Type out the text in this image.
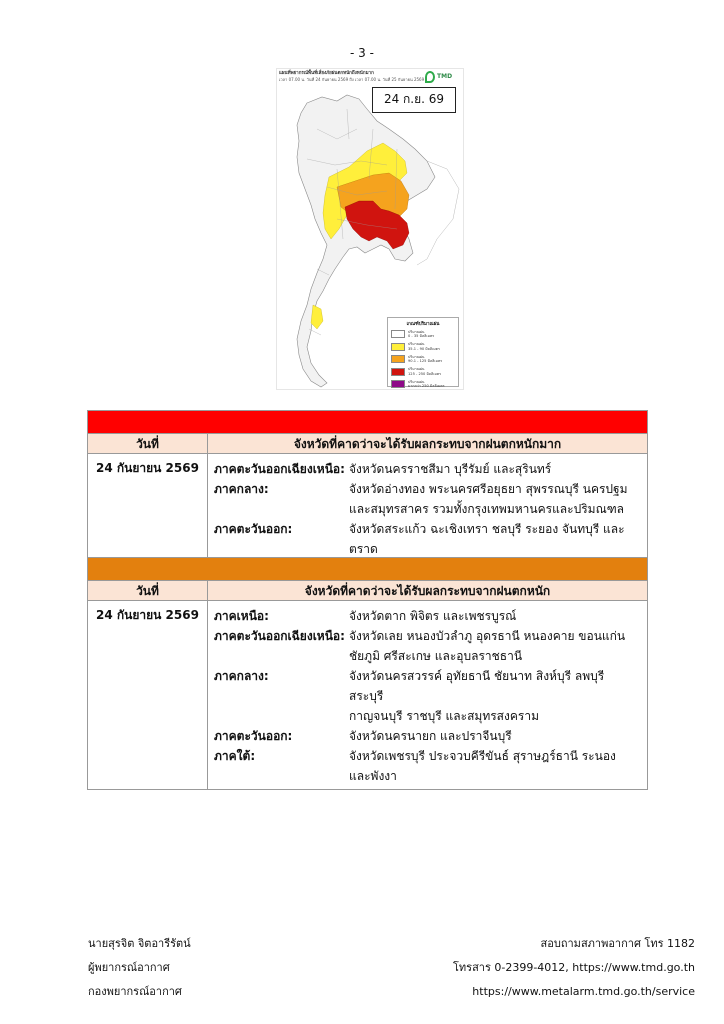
- 3 -
แผนที่พยากรณ์พื้นที่เสี่ยงภัยฝนตกหนักถึงหนักมาก
เวลา 07.00 น. วันที่ 24 กันยายน 2569 ถึง เวลา 07.00 น. วันที่ 25 กันยายน 2569 TMD
24 ก.ย. 69
เกณฑ์ปริมาณฝน
ปริมาณฝน
0 - 35 มิลลิเมตร
ปริมาณฝน
35.1 - 90 มิลลิเมตร
ปริมาณฝน
90.1 - 125 มิลลิเมตร
ปริมาณฝน
125 - 250 มิลลิเมตร
ปริมาณฝน
มากกว่า 250 มิลลิเมตร
วันที่	จังหวัดที่คาดว่าจะได้รับผลกระทบจากฝนตกหนักมาก
24 กันยายน 2569	ภาคตะวันออกเฉียงเหนือ: จังหวัดนครราชสีมา บุรีรัมย์ และสุรินทร์
ภาคกลาง:	จังหวัดอ่างทอง พระนครศรีอยุธยา สุพรรณบุรี นครปฐม
และสมุทรสาคร รวมทั้งกรุงเทพมหานครและปริมณฑล
ภาคตะวันออก:	จังหวัดสระแก้ว ฉะเชิงเทรา ชลบุรี ระยอง จันทบุรี และตราด
วันที่	จังหวัดที่คาดว่าจะได้รับผลกระทบจากฝนตกหนัก
24 กันยายน 2569	ภาคเหนือ:	จังหวัดตาก พิจิตร และเพชรบูรณ์
ภาคตะวันออกเฉียงเหนือ: จังหวัดเลย หนองบัวลำภู อุดรธานี หนองคาย ขอนแก่น
ชัยภูมิ ศรีสะเกษ และอุบลราชธานี
ภาคกลาง:	จังหวัดนครสวรรค์ อุทัยธานี ชัยนาท สิงห์บุรี ลพบุรี สระบุรี
กาญจนบุรี ราชบุรี และสมุทรสงคราม
ภาคตะวันออก:	จังหวัดนครนายก และปราจีนบุรี
ภาคใต้:	จังหวัดเพชรบุรี ประจวบคีรีขันธ์ สุราษฎร์ธานี ระนอง
และพังงา
นายสุรจิต จิตอารีรัตน์
ผู้พยากรณ์อากาศ
กองพยากรณ์อากาศ
สอบถามสภาพอากาศ โทร 1182
โทรสาร 0-2399-4012, https://www.tmd.go.th
https://www.metalarm.tmd.go.th/service
